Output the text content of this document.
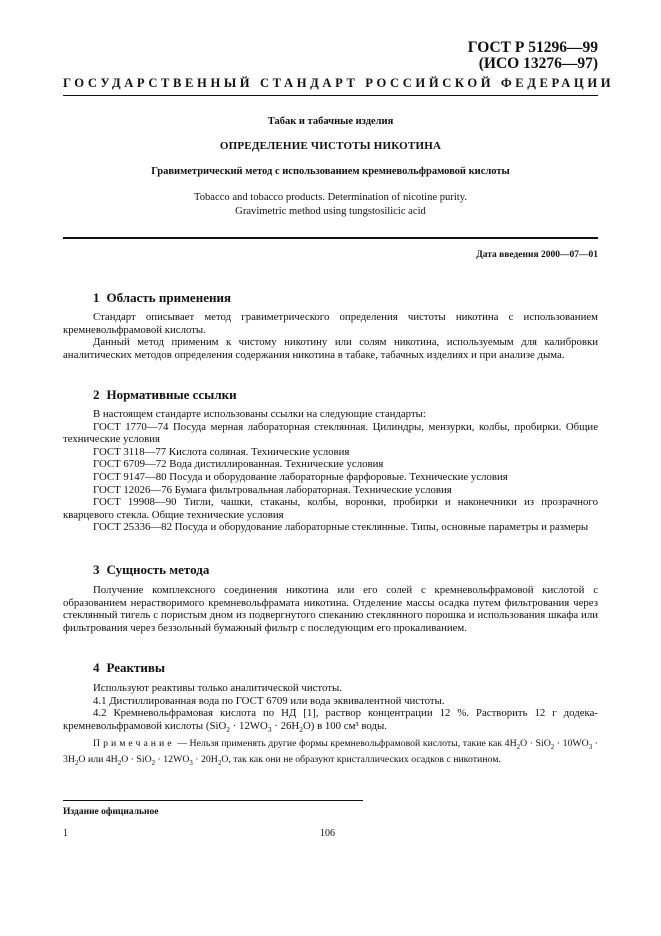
ГОСТ Р 51296—99
(ИСО 13276—97)
ГОСУДАРСТВЕННЫЙ СТАНДАРТ РОССИЙСКОЙ ФЕДЕРАЦИИ
Табак и табачные изделия
ОПРЕДЕЛЕНИЕ ЧИСТОТЫ НИКОТИНА
Гравиметрический метод с использованием кремневольфрамовой кислоты
Tobacco and tobacco products. Determination of nicotine purity.
Gravimetric method using tungstosilicic acid
Дата введения 2000—07—01
1 Область применения

Стандарт описывает метод гравиметрического определения чистоты никотина с использованием кремневольфрамовой кислоты.

Данный метод применим к чистому никотину или солям никотина, используемым для калибровки аналитических методов определения содержания никотина в табаке, табачных изделиях и при анализе дыма.

2 Нормативные ссылки

В настоящем стандарте использованы ссылки на следующие стандарты:

ГОСТ 1770—74 Посуда мерная лабораторная стеклянная. Цилиндры, мензурки, колбы, пробирки. Общие технические условия

ГОСТ 3118—77 Кислота соляная. Технические условия

ГОСТ 6709—72 Вода дистиллированная. Технические условия

ГОСТ 9147—80 Посуда и оборудование лабораторные фарфоровые. Технические условия

ГОСТ 12026—76 Бумага фильтровальная лабораторная. Технические условия

ГОСТ 19908—90 Тигли, чашки, стаканы, колбы, воронки, пробирки и наконечники из прозрачного кварцевого стекла. Общие технические условия

ГОСТ 25336—82 Посуда и оборудование лабораторные стеклянные. Типы, основные параметры и размеры

3 Сущность метода

Получение комплексного соединения никотина или его солей с кремневольфрамовой кислотой с образованием нерастворимого кремневольфрамата никотина. Отделение массы осадка путем фильтрования через стеклянный тигель с пористым дном из подвергнутого спеканию стеклянного порошка и использования шкафа или фильтрования через беззольный бумажный фильтр с последующим его прокаливанием.

4 Реактивы

Используют реактивы только аналитической чистоты.

4.1 Дистиллированная вода по ГОСТ 6709 или вода эквивалентной чистоты.

4.2 Кремневольфрамовая кислота по НД [1], раствор концентрации 12 %. Растворить 12 г додека-кремневольфрамовой кислоты $(SiO_2 \cdot 12WO_3 \cdot 26H_2O)$ в 100 см³ воды.

Примечание — Нельзя применять другие формы кремневольфрамовой кислоты, такие как $4H_2O \cdot SiO_2 \cdot 10WO_3 \cdot 3H_2O$ или $4H_2O \cdot SiO_2 \cdot 12WO_3 \cdot 20H_2O$, так как они не образуют кристаллических осадков с никотином.
Издание официальное
1	106
